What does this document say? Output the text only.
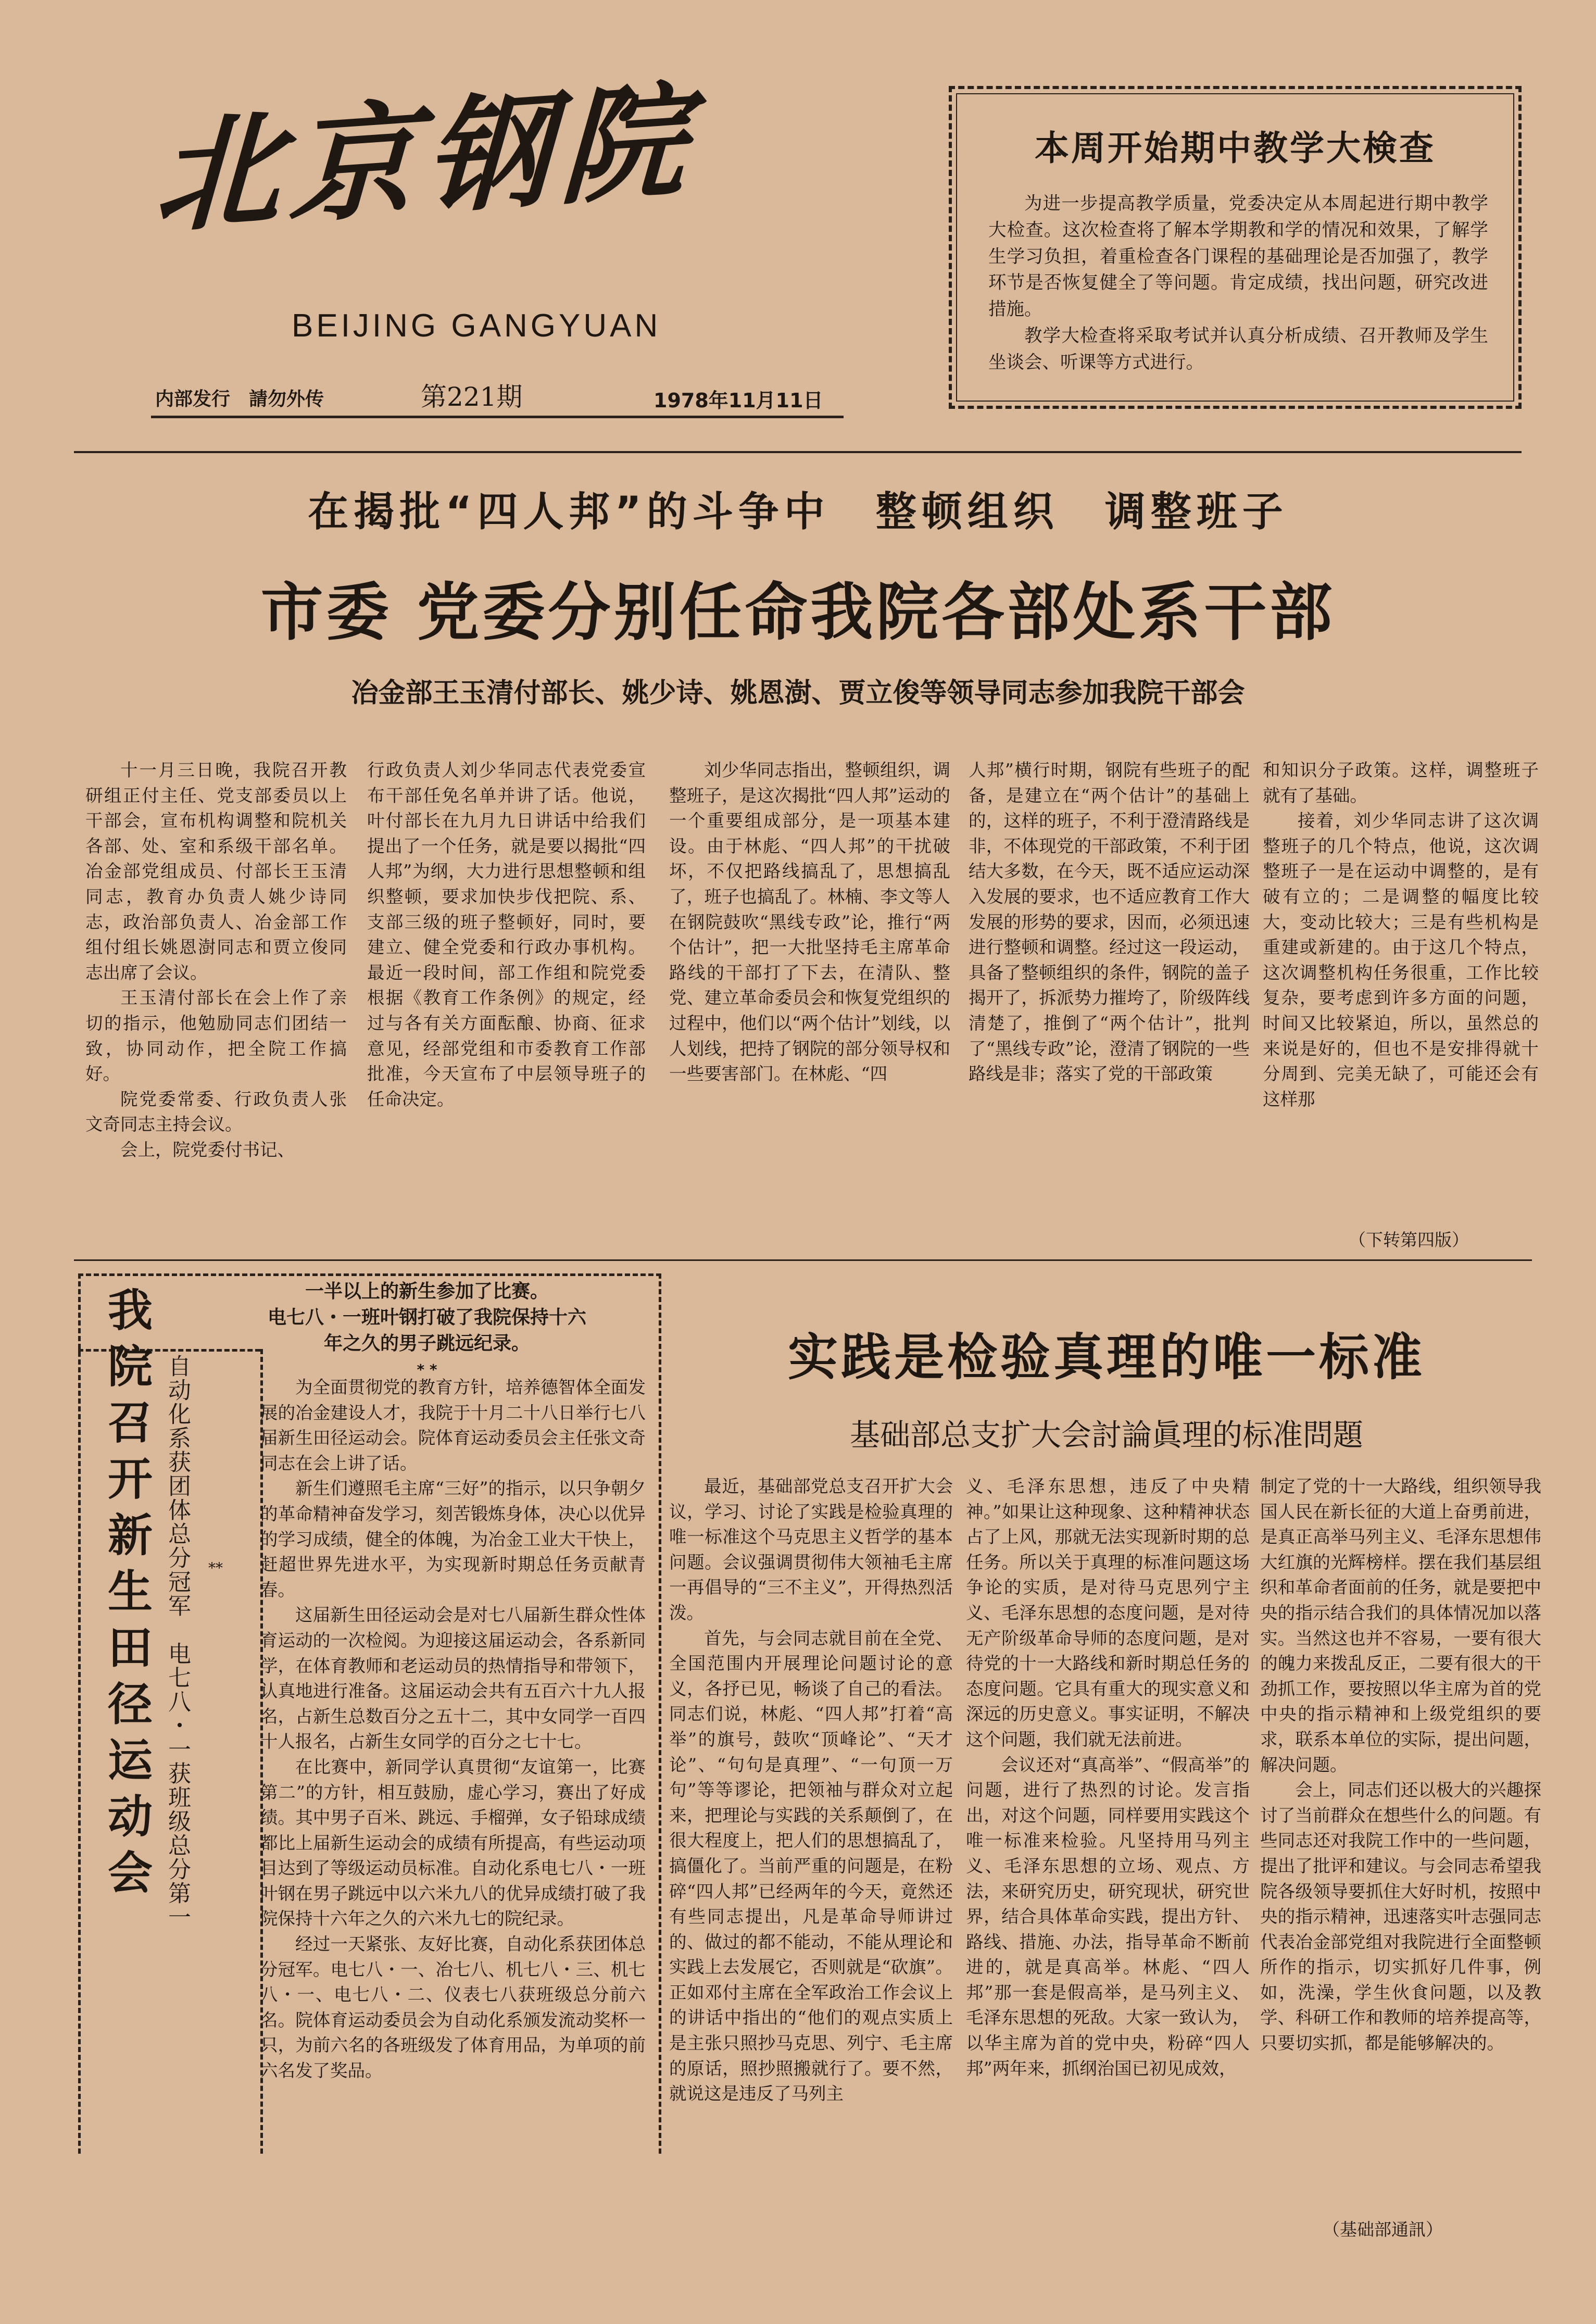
北京钢院
BEIJING GANGYUAN
内部发行　請勿外传	第221期	1978年11月11日
本周开始期中教学大検查

为进一步提高教学质量，党委决定从本周起进行期中教学大检查。这次检查将了解本学期教和学的情况和效果，了解学生学习负担，着重检查各门课程的基础理论是否加强了，教学环节是否恢复健全了等问题。肯定成绩，找出问题，研究改进措施。

教学大检查将采取考试并认真分析成绩、召开教师及学生坐谈会、听课等方式进行。

在揭批“四人邦”的斗争中　整顿组织　调整班子
市委 党委分别任命我院各部处系干部
冶金部王玉清付部长、姚少诗、姚恩澍、贾立俊等领导同志参加我院干部会

十一月三日晚，我院召开教研组正付主任、党支部委员以上干部会，宣布机构调整和院机关各部、处、室和系级干部名单。冶金部党组成员、付部长王玉清同志，教育办负责人姚少诗同志，政治部负责人、冶金部工作组付组长姚恩澍同志和贾立俊同志出席了会议。

王玉清付部长在会上作了亲切的指示，他勉励同志们团结一致，协同动作，把全院工作搞好。

院党委常委、行政负责人张文奇同志主持会议。

会上，院党委付书记、

行政负责人刘少华同志代表党委宣布干部任免名单并讲了话。他说，叶付部长在九月九日讲话中给我们提出了一个任务，就是要以揭批“四人邦”为纲，大力进行思想整顿和组织整顿，要求加快步伐把院、系、支部三级的班子整顿好，同时，要建立、健全党委和行政办事机构。最近一段时间，部工作组和院党委根据《教育工作条例》的规定，经过与各有关方面酝酿、协商、征求意见，经部党组和市委教育工作部批准，今天宣布了中层领导班子的任命决定。

刘少华同志指出，整顿组织，调整班子，是这次揭批“四人邦”运动的一个重要组成部分，是一项基本建设。由于林彪、“四人邦”的干扰破坏，不仅把路线搞乱了，思想搞乱了，班子也搞乱了。林楠、李文等人在钢院鼓吹“黑线专政”论，推行“两个估计”，把一大批坚持毛主席革命路线的干部打了下去，在清队、整党、建立革命委员会和恢复党组织的过程中，他们以“两个估计”划线，以人划线，把持了钢院的部分领导权和一些要害部门。在林彪、“四

人邦”横行时期，钢院有些班子的配备，是建立在“两个估计”的基础上的，这样的班子，不利于澄清路线是非，不体现党的干部政策，不利于团结大多数，在今天，既不适应运动深入发展的要求，也不适应教育工作大发展的形势的要求，因而，必须迅速进行整顿和调整。经过这一段运动，具备了整顿组织的条件，钢院的盖子揭开了，拆派势力摧垮了，阶级阵线清楚了，推倒了“两个估计”，批判了“黑线专政”论，澄清了钢院的一些路线是非；落实了党的干部政策

和知识分子政策。这样，调整班子就有了基础。

接着，刘少华同志讲了这次调整班子的几个特点，他说，这次调整班子一是在运动中调整的，是有破有立的；二是调整的幅度比较大，变动比较大；三是有些机构是重建或新建的。由于这几个特点，这次调整机构任务很重，工作比较复杂，要考虑到许多方面的问题，时间又比较紧迫，所以，虽然总的来说是好的，但也不是安排得就十分周到、完美无缺了，可能还会有这样那

（下转第四版）
我院召开新生田径运动会 自动化系获团体总分冠军　电七八・一获班级总分第一 **
一半以上的新生参加了比赛。
电七八・一班叶钢打破了我院保持十六年之久的男子跳远纪录。
* *

为全面贯彻党的教育方针，培养德智体全面发展的冶金建设人才，我院于十月二十八日举行七八届新生田径运动会。院体育运动委员会主任张文奇同志在会上讲了话。

新生们遵照毛主席“三好”的指示，以只争朝夕的革命精神奋发学习，刻苦锻炼身体，决心以优异的学习成绩，健全的体魄，为冶金工业大干快上，赶超世界先进水平，为实现新时期总任务贡献青春。

这届新生田径运动会是对七八届新生群众性体育运动的一次检阅。为迎接这届运动会，各系新同学，在体育教师和老运动员的热情指导和带领下，认真地进行准备。这届运动会共有五百六十九人报名，占新生总数百分之五十二，其中女同学一百四十人报名，占新生女同学的百分之七十七。

在比赛中，新同学认真贯彻“友谊第一，比赛第二”的方针，相互鼓励，虚心学习，赛出了好成绩。其中男子百米、跳远、手榴弹，女子铅球成绩都比上届新生运动会的成绩有所提高，有些运动项目达到了等级运动员标准。自动化系电七八・一班叶钢在男子跳远中以六米九八的优异成绩打破了我院保持十六年之久的六米九七的院纪录。

经过一天紧张、友好比赛，自动化系获团体总分冠军。电七八・一、冶七八、机七八・三、机七八・一、电七八・二、仪表七八获班级总分前六名。院体育运动委员会为自动化系颁发流动奖杯一只，为前六名的各班级发了体育用品，为单项的前六名发了奖品。

实践是检验真理的唯一标准
基础部总支扩大会討論眞理的标准問題

最近，基础部党总支召开扩大会议，学习、讨论了实践是检验真理的唯一标准这个马克思主义哲学的基本问题。会议强调贯彻伟大领袖毛主席一再倡导的“三不主义”，开得热烈活泼。

首先，与会同志就目前在全党、全国范围内开展理论问题讨论的意义，各抒已见，畅谈了自己的看法。同志们说，林彪、“四人邦”打着“高举”的旗号，鼓吹“顶峰论”、“天才论”、“句句是真理”、“一句顶一万句”等等谬论，把领袖与群众对立起来，把理论与实践的关系颠倒了，在很大程度上，把人们的思想搞乱了，搞僵化了。当前严重的问题是，在粉碎“四人邦”已经两年的今天，竟然还有些同志提出，凡是革命导师讲过的、做过的都不能动，不能从理论和实践上去发展它，否则就是“砍旗”。正如邓付主席在全军政治工作会议上的讲话中指出的“他们的观点实质上是主张只照抄马克思、列宁、毛主席的原话，照抄照搬就行了。要不然，就说这是违反了马列主

义、毛泽东思想，违反了中央精神。”如果让这种现象、这种精神状态占了上风，那就无法实现新时期的总任务。所以关于真理的标准问题这场争论的实质，是对待马克思列宁主义、毛泽东思想的态度问题，是对待无产阶级革命导师的态度问题，是对待党的十一大路线和新时期总任务的态度问题。它具有重大的现实意义和深远的历史意义。事实证明，不解决这个问题，我们就无法前进。

会议还对“真高举”、“假高举”的问题，进行了热烈的讨论。发言指出，对这个问题，同样要用实践这个唯一标准来检验。凡坚持用马列主义、毛泽东思想的立场、观点、方法，来研究历史，研究现状，研究世界，结合具体革命实践，提出方针、路线、措施、办法，指导革命不断前进的，就是真高举。林彪、“四人邦”那一套是假高举，是马列主义、毛泽东思想的死敌。大家一致认为，以华主席为首的党中央，粉碎“四人邦”两年来，抓纲治国已初见成效，

制定了党的十一大路线，组织领导我国人民在新长征的大道上奋勇前进，是真正高举马列主义、毛泽东思想伟大红旗的光辉榜样。摆在我们基层组织和革命者面前的任务，就是要把中央的指示结合我们的具体情况加以落实。当然这也并不容易，一要有很大的魄力来拨乱反正，二要有很大的干劲抓工作，要按照以华主席为首的党中央的指示精神和上级党组织的要求，联系本单位的实际，提出问题，解决问题。

会上，同志们还以极大的兴趣探讨了当前群众在想些什么的问题。有些同志还对我院工作中的一些问题，提出了批评和建议。与会同志希望我院各级领导要抓住大好时机，按照中央的指示精神，迅速落实叶志强同志代表冶金部党组对我院进行全面整顿所作的指示，切实抓好几件事，例如，洗澡，学生伙食问题，以及教学、科研工作和教师的培养提高等，只要切实抓，都是能够解决的。

（基础部通訊）
